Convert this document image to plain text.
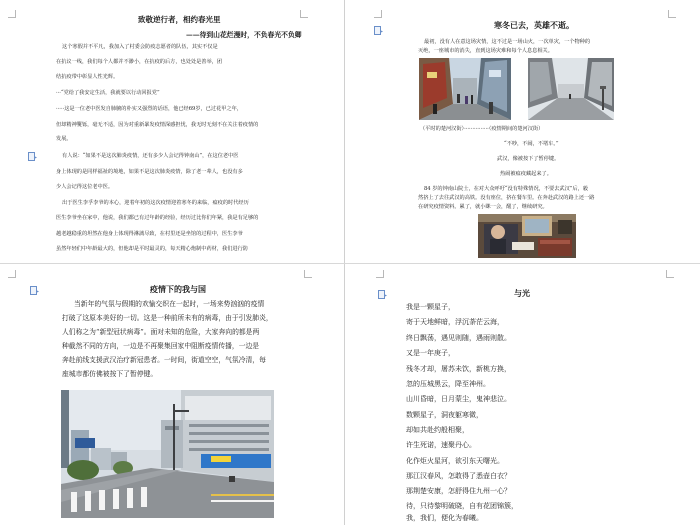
致敬逆行者，相约春光里
——待到山花烂漫时，不负春光不负卿
这个寒假并不平凡，我加入了村委会防疫志愿者的队伍，其实不仅是
在抗议一线，我们每个人都并不渺小，在抗疫的后方，也处处是善举，团
结抗疫带中彰显人性光辉。
···“党给了我安定生活，我就要以行动回报党”
·····这是一位老中医发自肺腑的朴实又强烈的话语，他已经69岁，已过花甲之年，
但却精神矍铄，毫无不适，因为对重新暴发疫情深感担忧，我无时无刻不在关注着疫情的
发展。
▸	有人说：“如果不是这次肺炎疫情，还有多少人会记得钟南山”，在这位老中医
身上体现的是同样福祉的境地，如果不是这次肺炎疫情，除了老一辈人，也没有多
少人会记得这位老中医。
出于医生李孚李爷的本心，迎着年初的这次疫情迎着寒冬的来临，瘟疫的时代经历
医生李爷坐在家中，他说，我们都已有过年龄的经验，经历过比你们年紧，我是有足够的
越老越稳重的坦然在他身上体现得淋漓尽致，在村里还是坐馆的过程中，医生李爷
虽然年轻们中年龄最大的，但他却是平时最灵的，每天精心炮制中药材，我们进行防
▸
寒冬已去，英雄不逝。
最初，没有人在意这场灾情，这不过是一场山火，一次单灾，一个物种的
灭绝，一座城市的消失，直到这场灾难和每个人息息相关。
（平时的楚河汉街）···············（疫情期间的楚河汉街）
“不吵，不闹，不堵车。”
武汉，像被按下了暂停键。
热闹被瘟疫藏起来了。
84 岁的钟南山院士，在对大众呼吁“没有特殊情况，不要去武汉”后，毅
然挤上了去往武汉的高铁。没有座位，挤在餐车里。在奔赴武汉的路上还一路
在研究疫情资料。累了，就小眯一会，醒了，继续研究。
▸	疫情下的我与国
当新年的气氛与假期的欢愉交织在一起时，一场来势汹汹的疫情
打破了这原本美好的一切。这是一种前所未有的病毒，由于引发肺炎，
人们称之为“新型冠状病毒”。面对未知的危险，大家奔向的都是两
种截然不同的方向，一边是不再聚集回家中阻断疫情传播，一边是
奔赴前线支援武汉治疗新冠患者。一时间，街道空空，气氛冷清，每
座城市都仿佛被按下了暂停键。
▸	与光
我是一颗星子，
寄于天地鲜暗，浮沉荼茫云海，
终日飘荡，遇见则随，遇雨则散。
又是一年庚子，
残冬才却，屠苏未饮，新桃方换，
忽的压城黑云，降至神州。
山川昏暗，日月蒙尘，鬼神悲泣。
数颗星子，洞夜躯寒微，
却如共赴约般相聚，
许生死诺，速聚丹心。
化作炬火星河，欲引东天曙光。
那江汉春风，怎敢得了悉壶白衣？
那荆楚安康，怎舒得住九州一心？
待，只待黎明破晓，自有花团锦簇，
我，我们，便化为春曦。
